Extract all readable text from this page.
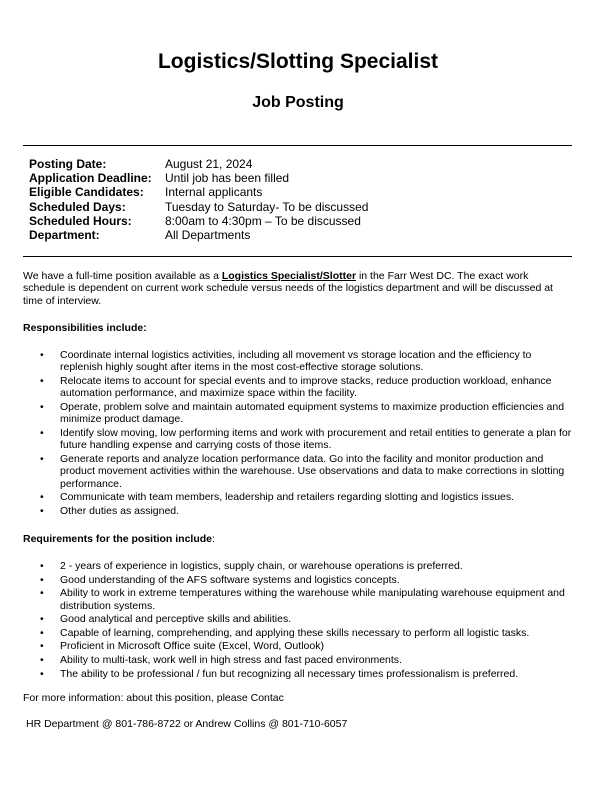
Logistics/Slotting Specialist
Job Posting
Posting Date:	August 21, 2024
Application Deadline:	Until job has been filled
Eligible Candidates:	Internal applicants
Scheduled Days:	Tuesday to Saturday- To be discussed
Scheduled Hours:	8:00am to 4:30pm – To be discussed
Department:	All Departments
We have a full-time position available as a Logistics Specialist/Slotter in the Farr West DC. The exact work schedule is dependent on current work schedule versus needs of the logistics department and will be discussed at time of interview.
Responsibilities include:
• Coordinate internal logistics activities, including all movement vs storage location and the efficiency to replenish highly sought after items in the most cost-effective storage solutions.
• Relocate items to account for special events and to improve stacks, reduce production workload, enhance automation performance, and maximize space within the facility.
• Operate, problem solve and maintain automated equipment systems to maximize production efficiencies and minimize product damage.
• Identify slow moving, low performing items and work with procurement and retail entities to generate a plan for future handling expense and carrying costs of those items.
• Generate reports and analyze location performance data. Go into the facility and monitor production and product movement activities within the warehouse. Use observations and data to make corrections in slotting performance.
• Communicate with team members, leadership and retailers regarding slotting and logistics issues.
• Other duties as assigned.
Requirements for the position include:
• 2 - years of experience in logistics, supply chain, or warehouse operations is preferred.
• Good understanding of the AFS software systems and logistics concepts.
• Ability to work in extreme temperatures withing the warehouse while manipulating warehouse equipment and distribution systems.
• Good analytical and perceptive skills and abilities.
• Capable of learning, comprehending, and applying these skills necessary to perform all logistic tasks.
• Proficient in Microsoft Office suite (Excel, Word, Outlook)
• Ability to multi-task, work well in high stress and fast paced environments.
• The ability to be professional / fun but recognizing all necessary times professionalism is preferred.
For more information: about this position, please Contac
HR Department @ 801-786-8722 or Andrew Collins @ 801-710-6057
